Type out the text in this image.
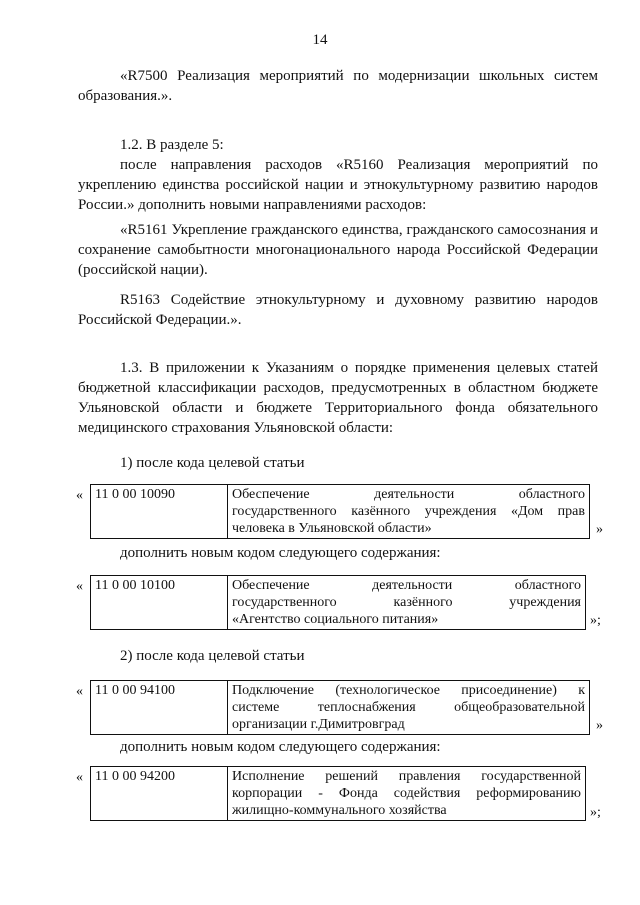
14

«R7500 Реализация мероприятий по модернизации школьных систем образования.».

1.2. В разделе 5:

после направления расходов «R5160 Реализация мероприятий по укреплению единства российской нации и этнокультурному развитию народов России.» дополнить новыми направлениями расходов:

«R5161 Укрепление гражданского единства, гражданского самосознания и сохранение самобытности многонационального народа Российской Федерации (российской нации).

R5163 Содействие этнокультурному и духовному развитию народов Российской Федерации.».

1.3. В приложении к Указаниям о порядке применения целевых статей бюджетной классификации расходов, предусмотренных в областном бюджете Ульяновской области и бюджете Территориального фонда обязательного медицинского страхования Ульяновской области:

1) после кода целевой статьи

« 11 0 00 10090	Обеспечение деятельности областного
государственного казённого учреждения «Дом прав
человека в Ульяновской области»	»

дополнить новым кодом следующего содержания:

« 11 0 00 10100	Обеспечение деятельности областного
государственного казённого учреждения
«Агентство социального питания»	»;

2) после кода целевой статьи

« 11 0 00 94100	Подключение (технологическое присоединение) к
системе теплоснабжения общеобразовательной
организации г.Димитровград	»

дополнить новым кодом следующего содержания:

« 11 0 00 94200	Исполнение решений правления государственной
корпорации - Фонда содействия реформированию
жилищно-коммунального хозяйства	»;
